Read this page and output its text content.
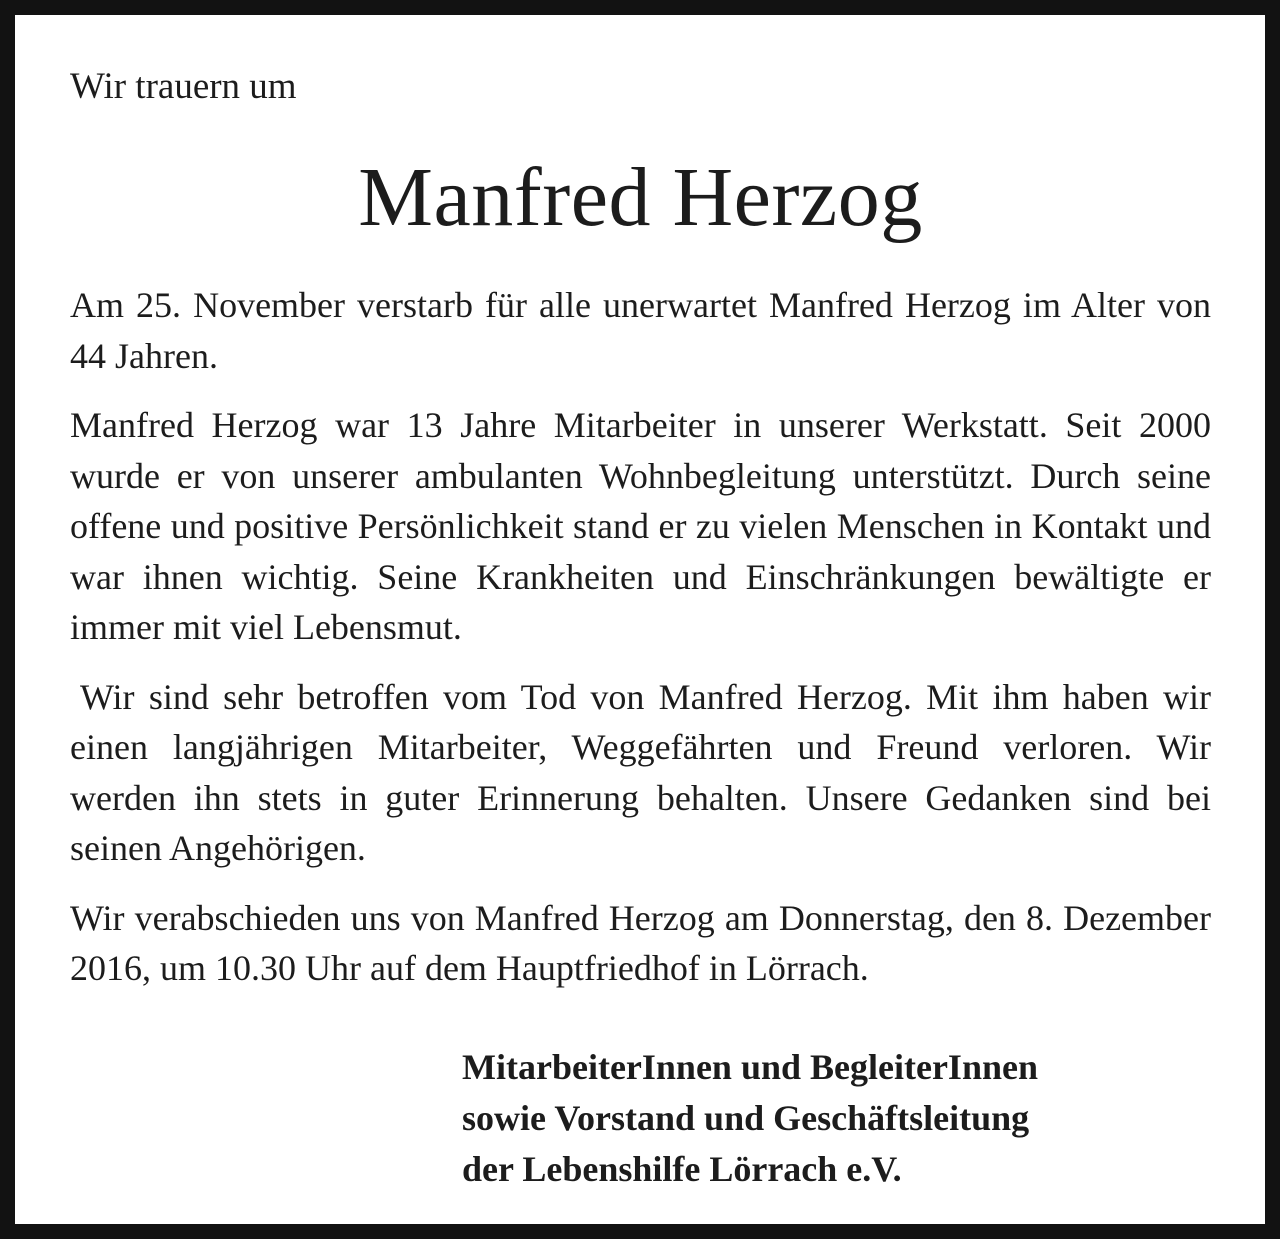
Wir trauern um

Manfred Herzog

Am 25. November verstarb für alle unerwartet Manfred Herzog im Alter von 44 Jahren.

Manfred Herzog war 13 Jahre Mitarbeiter in unserer Werkstatt. Seit 2000 wurde er von unserer ambulanten Wohnbegleitung unterstützt. Durch seine offene und positive Persönlichkeit stand er zu vielen Menschen in Kontakt und war ihnen wichtig. Seine Krankheiten und Einschränkungen bewältigte er immer mit viel Lebensmut.

Wir sind sehr betroffen vom Tod von Manfred Herzog. Mit ihm haben wir einen langjährigen Mitarbeiter, Weggefährten und Freund verloren. Wir werden ihn stets in guter Erinnerung behalten. Unsere Gedanken sind bei seinen Angehörigen.

Wir verabschieden uns von Manfred Herzog am Donnerstag, den 8. Dezember 2016, um 10.30 Uhr auf dem Hauptfriedhof in Lörrach.

MitarbeiterInnen und BegleiterInnen
sowie Vorstand und Geschäftsleitung
der Lebenshilfe Lörrach e.V.
